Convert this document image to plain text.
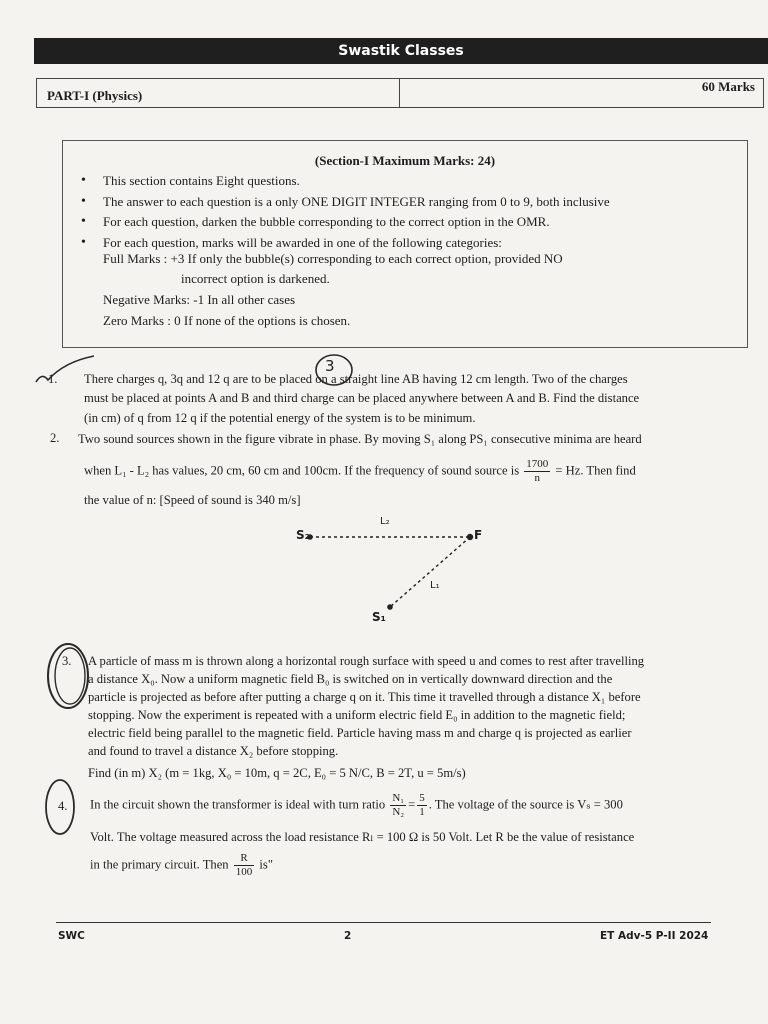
Swastik Classes
PART-I (Physics)
60 Marks
(Section-I Maximum Marks: 24)
• This section contains Eight questions.
• The answer to each question is a only ONE DIGIT INTEGER ranging from 0 to 9, both inclusive
• For each question, darken the bubble corresponding to the correct option in the OMR.
• For each question, marks will be awarded in one of the following categories:
Full Marks : +3 If only the bubble(s) corresponding to each correct option, provided NO
incorrect option is darkened.
Negative Marks: -1 In all other cases
Zero Marks : 0 If none of the options is chosen.
3
1. There charges q, 3q and 12 q are to be placed on a straight line AB having 12 cm length. Two of the charges
must be placed at points A and B and third charge can be placed anywhere between A and B. Find the distance
(in cm) of q from 12 q if the potential energy of the system is to be minimum.
2. Two sound sources shown in the figure vibrate in phase. By moving S₁ along PS₁ consecutive minima are heard
when L₁ - L₂ has values, 20 cm, 60 cm and 100cm. If the frequency of sound source is $\frac{1700}{n} = Hz$. Then find
the value of n: [Speed of sound is 340 m/s]
S₂	F
L₂
L₁
S₁
3. A particle of mass m is thrown along a horizontal rough surface with speed u and comes to rest after travelling
a distance X₀. Now a uniform magnetic field B₀ is switched on in vertically downward direction and the
particle is projected as before after putting a charge q on it. This time it travelled through a distance X₁ before
stopping. Now the experiment is repeated with a uniform electric field E₀ in addition to the magnetic field;
electric field being parallel to the magnetic field. Particle having mass m and charge q is projected as earlier
and found to travel a distance X₂ before stopping.
Find (in m) X₂ (m = 1kg, X₀ = 10m, q = 2C, E₀ = 5 N/C, B = 2T, u = 5m/s)
4. In the circuit shown the transformer is ideal with turn ratio $\frac{\text{N₁}}{\text{N₂}} = \frac{5}{1}$ . The voltage of the source is Vₛ = 300
Volt. The voltage measured across the load resistance Rₗ = 100 Ω is 50 Volt. Let R be the value of resistance
in the primary circuit. Then $\frac{R}{100}$ is"
SWC	2	ET Adv-5 P-II 2024
